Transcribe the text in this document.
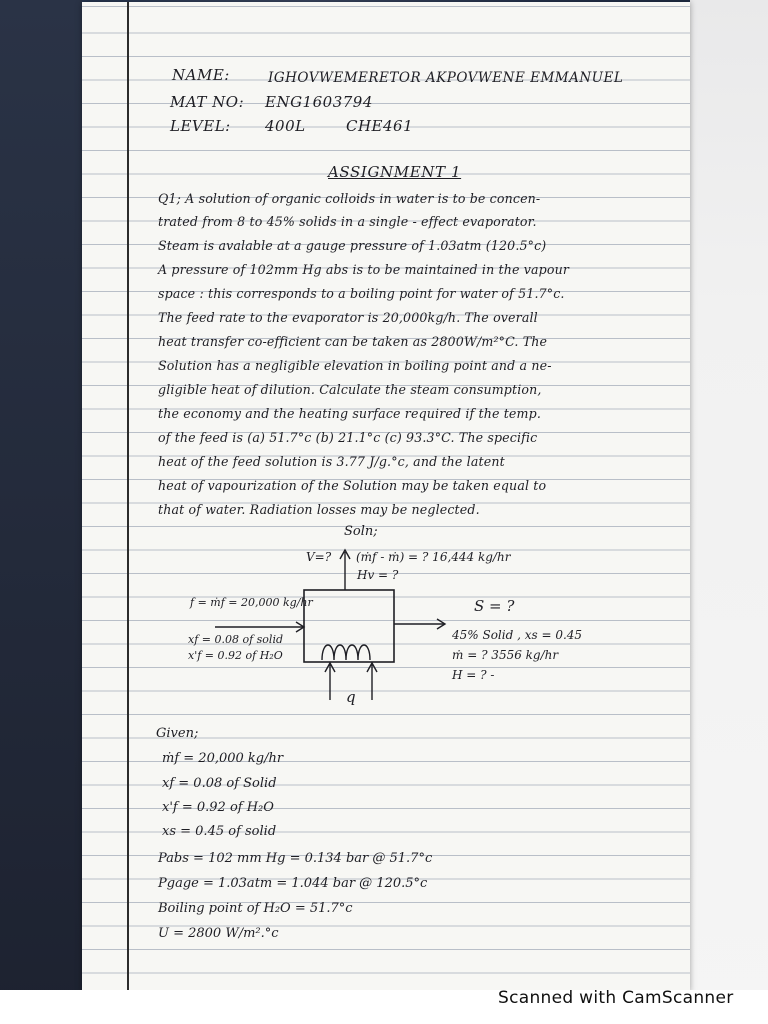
NAME:	IGHOVWEMERETOR AKPOVWENE EMMANUEL
MAT NO: ENG1603794
LEVEL: 400L	CHE461
ASSIGNMENT 1
Q1; A solution of organic colloids in water is to be concen-
trated from 8 to 45% solids in a single - effect evaporator.
Steam is avalable at a gauge pressure of 1.03atm (120.5°c)
A pressure of 102mm Hg abs is to be maintained in the vapour
space : this corresponds to a boiling point for water of 51.7°c.
The feed rate to the evaporator is 20,000kg/h. The overall
heat transfer co-efficient can be taken as 2800W/m²°C. The
Solution has a negligible elevation in boiling point and a ne-
gligible heat of dilution. Calculate the steam consumption,
the economy and the heating surface required if the temp.
of the feed is (a) 51.7°c (b) 21.1°c (c) 93.3°C. The specific
heat of the feed solution is 3.77 J/g.°c, and the latent
heat of vapourization of the Solution may be taken equal to
that of water. Radiation losses may be neglected.
Soln;
V=? (ṁf - ṁ) = ? 16,444 kg/hr
Hv = ?
f = ṁf = 20,000 kg/hr
xf = 0.08 of solid
x'f = 0.92 of H₂O
S = ?
45% Solid , xs = 0.45
ṁ = ? 3556 kg/hr
H = ? -
q
Given;
ṁf = 20,000 kg/hr
xf = 0.08 of Solid
x'f = 0.92 of H₂O
xs = 0.45 of solid
Pabs = 102 mm Hg = 0.134 bar @ 51.7°c
Pgage = 1.03atm = 1.044 bar @ 120.5°c
Boiling point of H₂O = 51.7°c
U = 2800 W/m².°c
Scanned with CamScanner
